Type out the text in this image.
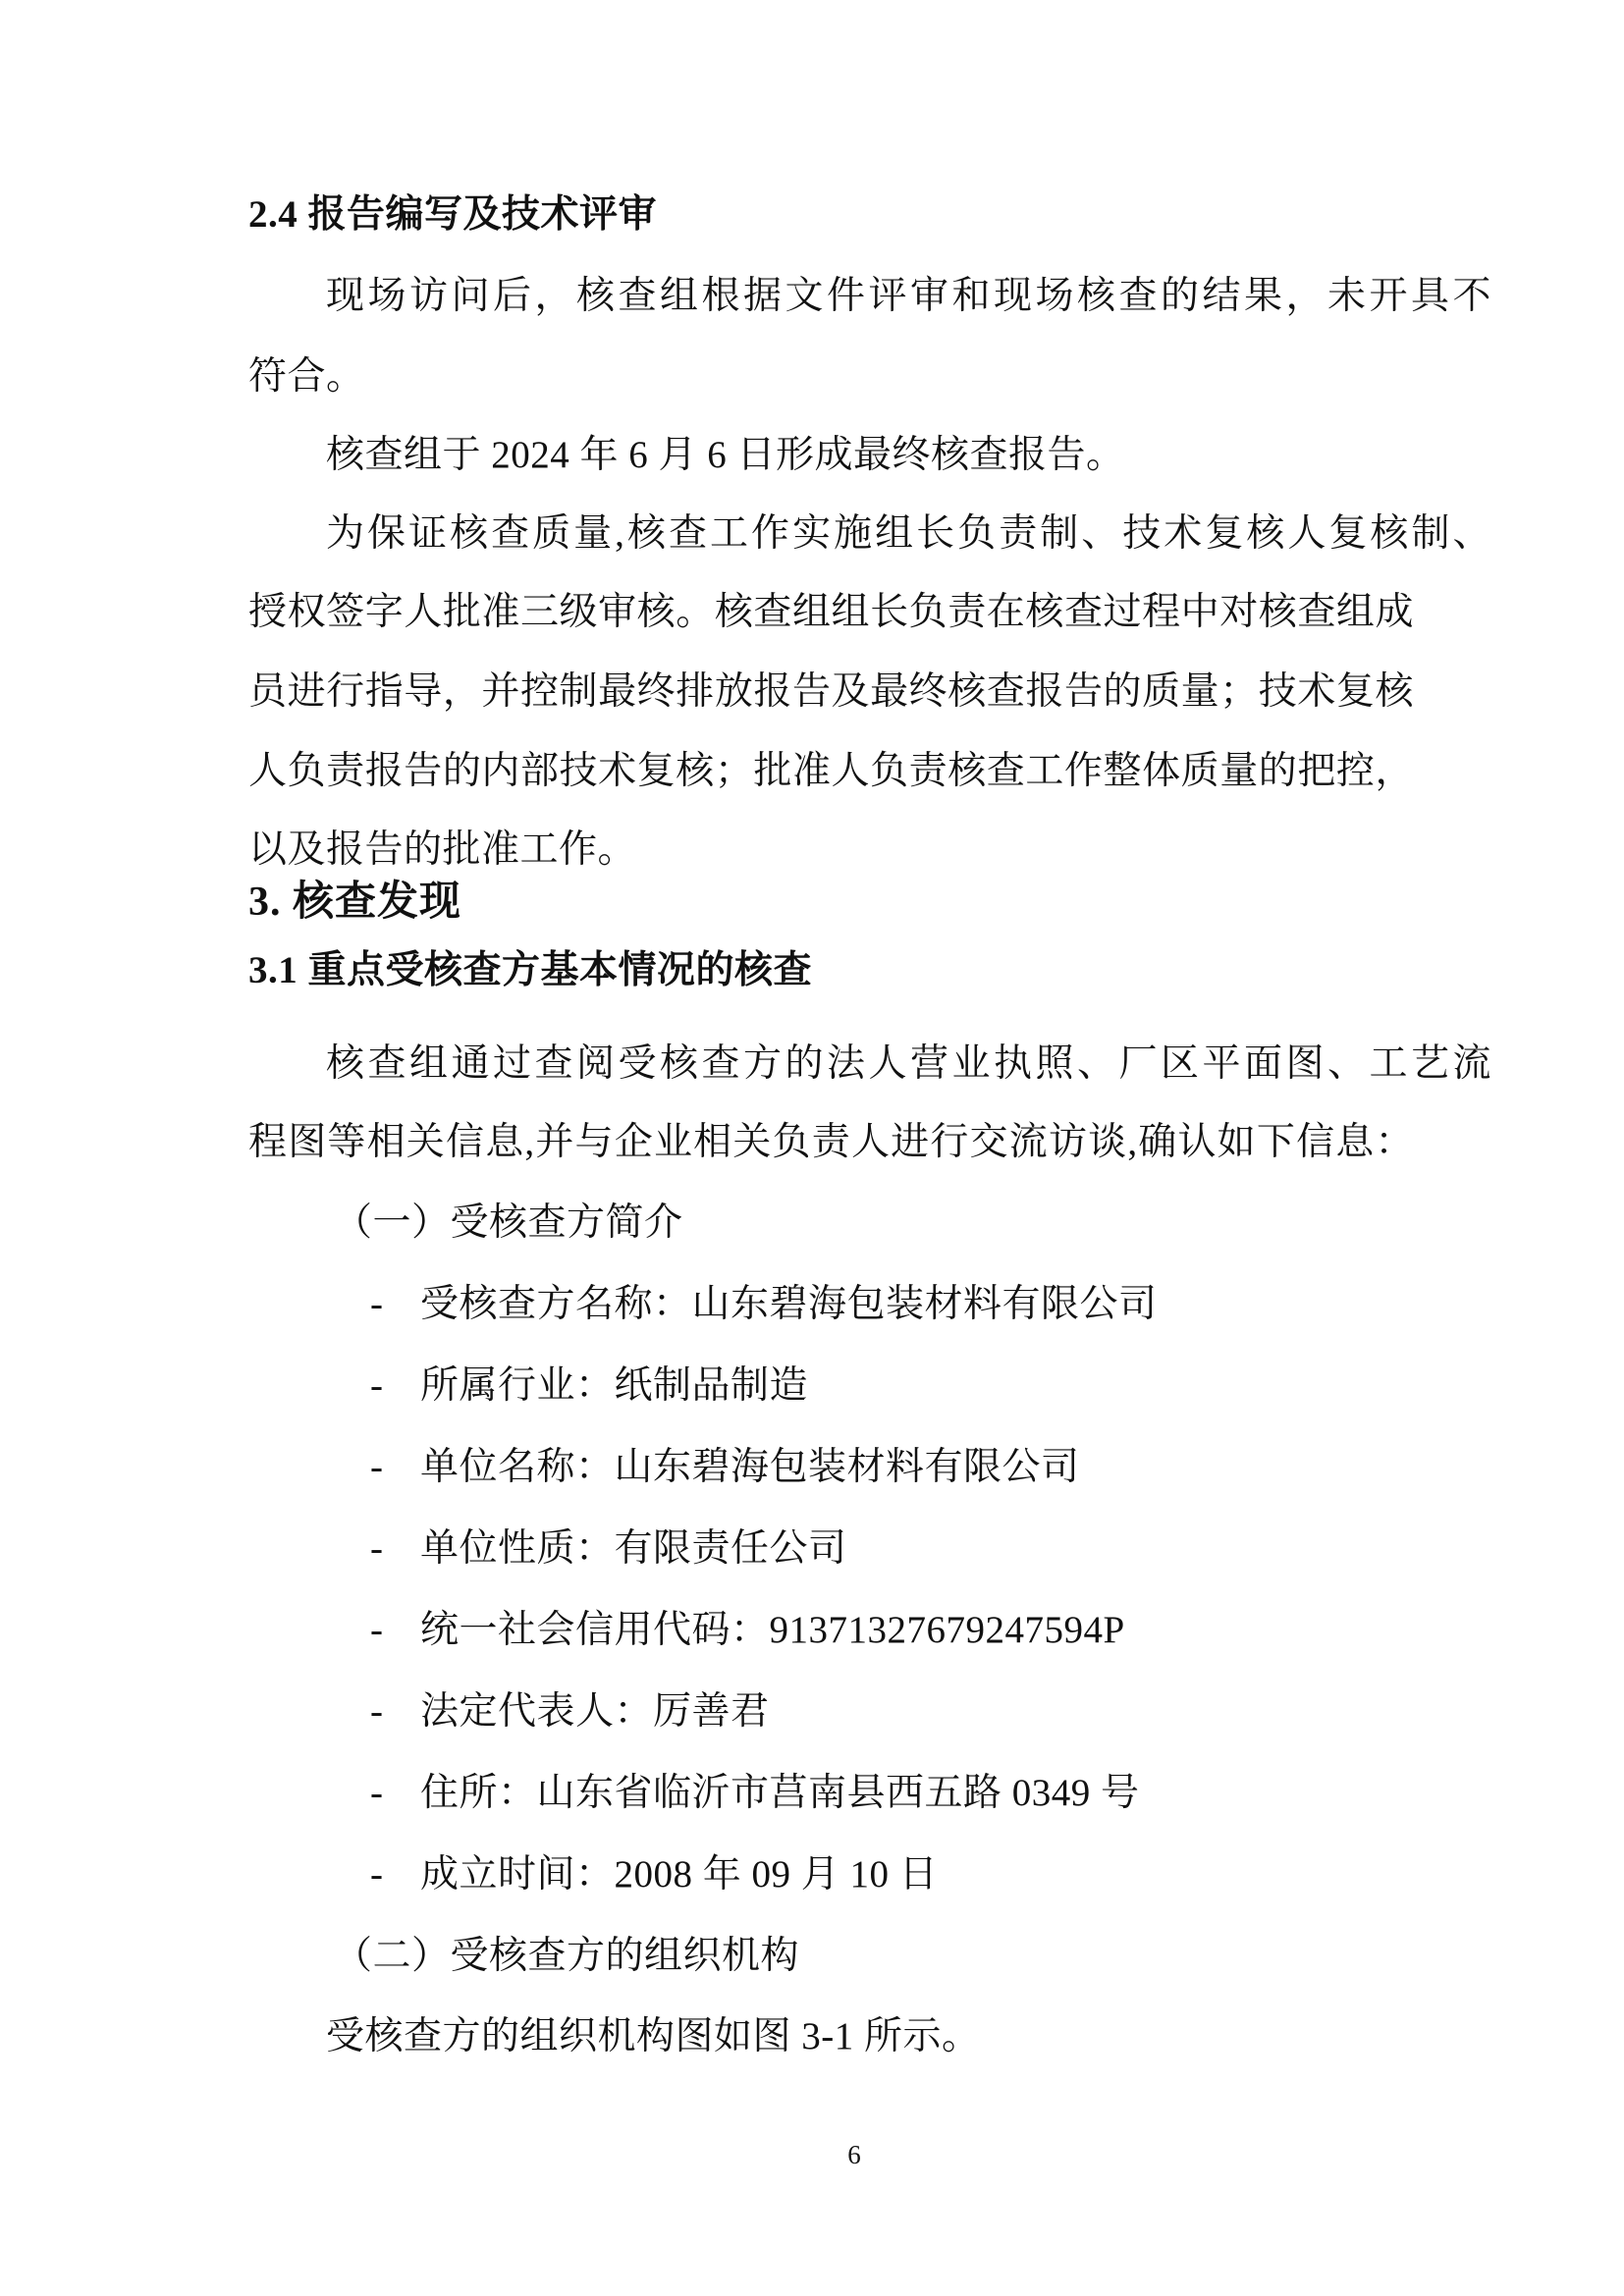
2.4 报告编写及技术评审
现场访问后，核查组根据文件评审和现场核查的结果，未开具不
符合。
核查组于 2024 年 6 月 6 日形成最终核查报告。
为保证核查质量,核查工作实施组长负责制、技术复核人复核制、
授权签字人批准三级审核。核查组组长负责在核查过程中对核查组成
员进行指导，并控制最终排放报告及最终核查报告的质量；技术复核
人负责报告的内部技术复核；批准人负责核查工作整体质量的把控，
以及报告的批准工作。
3. 核查发现
3.1 重点受核查方基本情况的核查
核查组通过查阅受核查方的法人营业执照、厂区平面图、工艺流
程图等相关信息,并与企业相关负责人进行交流访谈,确认如下信息：
（一）受核查方简介
- 受核查方名称：山东碧海包装材料有限公司
- 所属行业：纸制品制造
- 单位名称：山东碧海包装材料有限公司
- 单位性质：有限责任公司
- 统一社会信用代码：91371327679247594P
- 法定代表人：厉善君
- 住所：山东省临沂市莒南县西五路 0349 号
- 成立时间：2008 年 09 月 10 日
（二）受核查方的组织机构
受核查方的组织机构图如图 3-1 所示。
6
